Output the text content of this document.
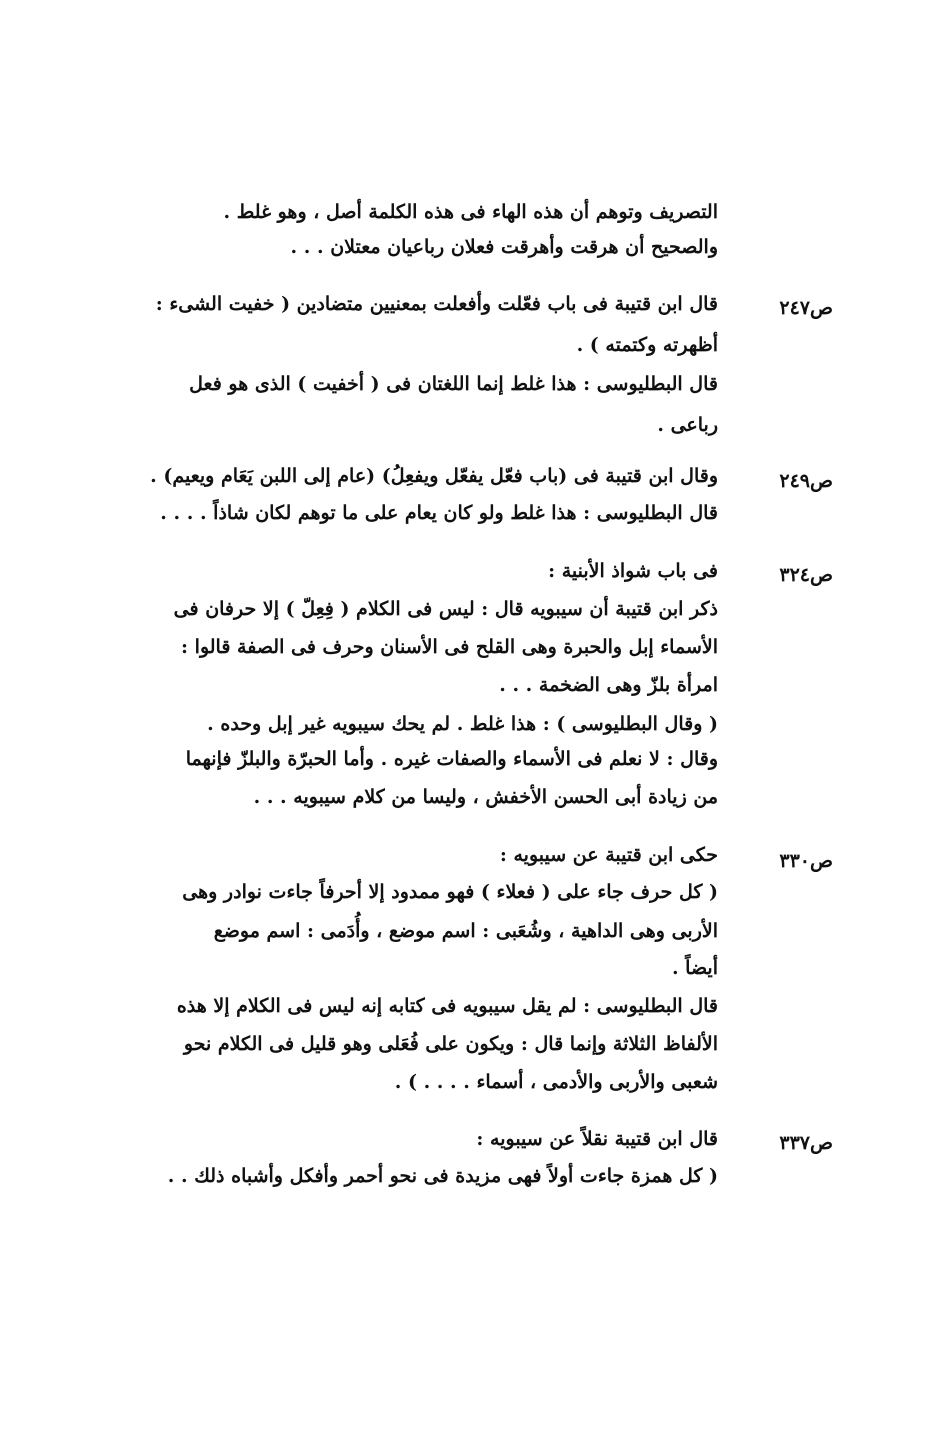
التصريف وتوهم أن هذه الهاء فى هذه الكلمة أصل ، وهو غلط .
والصحيح أن هرقت وأهرقت فعلان رباعيان معتلان . . .
ص٢٤٧
قال ابن قتيبة فى باب فعّلت وأفعلت بمعنيين متضادين ( خفيت الشىء :
أظهرته وكتمته ) .
قال البطليوسى : هذا غلط إنما اللغتان فى ( أخفيت ) الذى هو فعل
رباعى .
ص٢٤٩
وقال ابن قتيبة فى (باب فعّل يفعّل ويفعِلُ) (عام إلى اللبن يَعَام ويعيم) .
قال البطليوسى : هذا غلط ولو كان يعام على ما توهم لكان شاذاً . . . .
ص٣٢٤
فى باب شواذ الأبنية :
ذكر ابن قتيبة أن سيبويه قال : ليس فى الكلام ( فِعِلّ ) إلا حرفان فى
الأسماء إبل والحبرة وهى القلح فى الأسنان وحرف فى الصفة قالوا :
امرأة بلزّ وهى الضخمة . . .
( وقال البطليوسى ) : هذا غلط . لم يحك سيبويه غير إبل وحده .
وقال : لا نعلم فى الأسماء والصفات غيره . وأما الحبرّة والبلزّ فإنهما
من زيادة أبى الحسن الأخفش ، وليسا من كلام سيبويه . . .
ص٣٣٠
حكى ابن قتيبة عن سيبويه :
( كل حرف جاء على ( فعلاء ) فهو ممدود إلا أحرفاً جاءت نوادر وهى
الأربى وهى الداهية ، وشُعَبى : اسم موضع ، وأُدَمى : اسم موضع
أيضاً .
قال البطليوسى : لم يقل سيبويه فى كتابه إنه ليس فى الكلام إلا هذه
الألفاظ الثلاثة وإنما قال : ويكون على فُعَلى وهو قليل فى الكلام نحو
شعبى والأربى والأدمى ، أسماء . . . . ) .
ص٣٣٧
قال ابن قتيبة نقلاً عن سيبويه :
( كل همزة جاءت أولاً فهى مزيدة فى نحو أحمر وأفكل وأشباه ذلك . .
